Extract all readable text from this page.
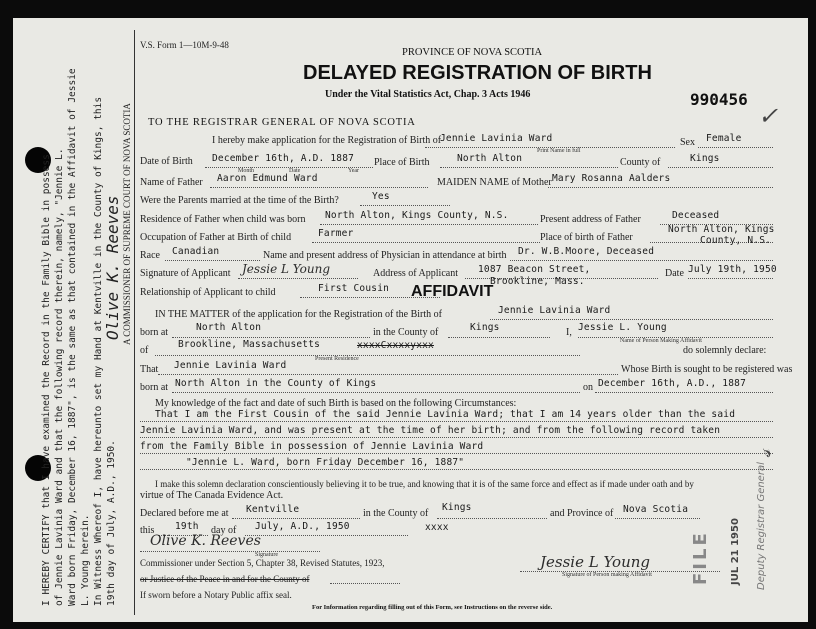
I HEREBY CERTIFY that I have examined the Record in the Family Bible in possess of Jennie Lavinia Ward and that the following record therein, namely, "Jennie L. Ward born Friday, December 16, 1887", is the same as that contained in the Affidavit of Jessie L. Young herein. In Witness Whereof I, have hereunto set my Hand at Kentville in the County of Kings, this 19th day of July, A.D., 1950.
Olive K. Reeves A COMMISSIONER OF SUPREME COURT OF NOVA SCOTIA
V.S. Form 1—10M-9-48
PROVINCE OF NOVA SCOTIA
DELAYED REGISTRATION OF BIRTH
Under the Vital Statistics Act, Chap. 3 Acts 1946	990456
✓
TO THE REGISTRAR GENERAL OF NOVA SCOTIA
I hereby make application for the Registration of Birth of
Jennie Lavinia Ward
Print Name in full
Sex Female
Date of Birth December 16th, A.D. 1887
Month	Date	Year
Place of Birth	North Alton	County of	Kings
Name of Father Aaron Edmund Ward	MAIDEN NAME of Mother Mary Rosanna Aalders
Were the Parents married at the time of the Birth?	Yes
Residence of Father when child was born North Alton, Kings County, N.S.	Present address of Father	Deceased
Occupation of Father at Birth of child	Farmer	Place of birth of Father
North Alton, Kings
County, N.S.
Race Canadian	Name and present address of Physician in attendance at birth Dr. W.B.Moore, Deceased
Signature of Applicant Jessie L Young	Address of Applicant 1087 Beacon Street,
Brookline, Mass.
Date July 19th, 1950
Relationship of Applicant to child	First Cousin AFFIDAVIT
IN THE MATTER of the application for the Registration of the Birth of	Jennie Lavinia Ward
born at	North Alton	in the County of	Kings	I, Jessie L. Young
Name of Person Making Affidavit
of
Brookline, Massachusetts	xxxxCxxxxyxxx
Present Residence
do solemnly declare:
That Jennie Lavinia Ward	Whose Birth is sought to be registered was
born at North Alton in the County of Kings	on December 16th, A.D., 1887
My knowledge of the fact and date of such Birth is based on the following Circumstances:
That I am the First Cousin of the said Jennie Lavinia Ward; that I am 14 years older than the said
Jennie Lavinia Ward, and was present at the time of her birth; and from the following record taken
from the Family Bible in possession of Jennie Lavinia Ward
"Jennie L. Ward, born Friday December 16, 1887"
I make this solemn declaration conscientiously believing it to be true, and knowing that it is of the same force and effect as if made under oath and by
virtue of The Canada Evidence Act.
Declared before me at Kentville	in the County of
Kings
and Province of Nova Scotia
this 19th day of July, A.D., 1950	xxxx
Olive K. Reeves
Signature
Commissioner under Section 5, Chapter 38, Revised Statutes, 1923,
or Justice of the Peace in and for the County of
If sworn before a Notary Public affix seal.
Jessie L Young
Signature of Person making Affidavit
For Information regarding filling out of this Form, see Instructions on the reverse side.
FILE JUL 21 1950 Deputy Registrar General
𝓈
